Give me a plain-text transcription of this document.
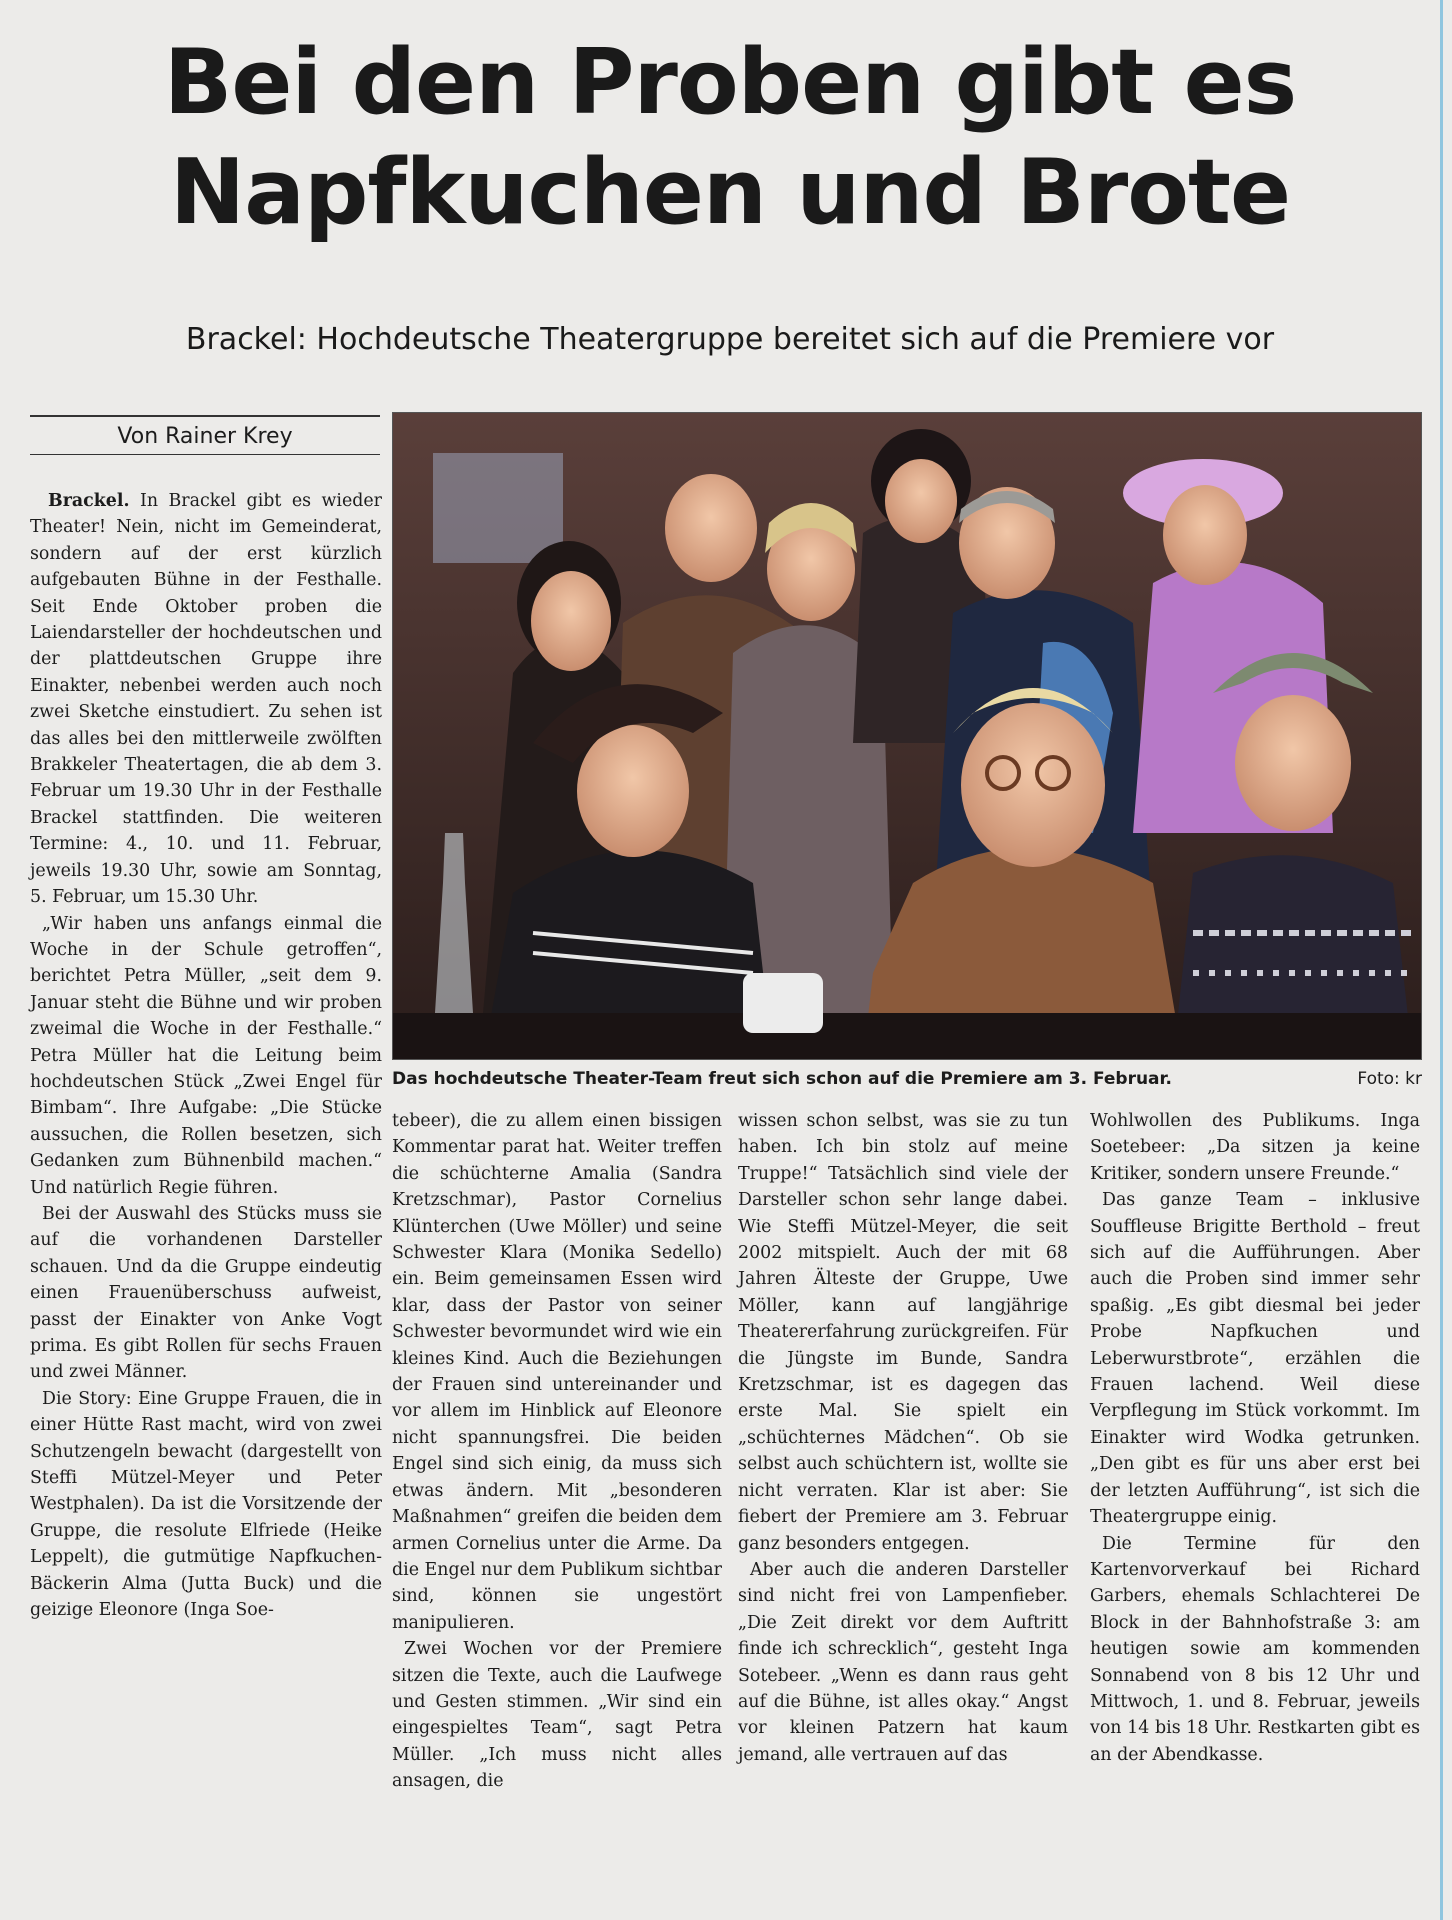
Bei den Proben gibt es
Napfkuchen und Brote
Brackel: Hochdeutsche Theatergruppe bereitet sich auf die Premiere vor
Von Rainer Krey
Das hochdeutsche Theater-Team freut sich schon auf die Premiere am 3. Februar.	Foto: kr

Brackel. In Brackel gibt es wieder Theater! Nein, nicht im Gemeinderat, sondern auf der erst kürzlich aufgebauten Bühne in der Festhalle. Seit Ende Oktober proben die Laiendarsteller der hochdeutschen und der plattdeutschen Gruppe ihre Einakter, nebenbei werden auch noch zwei Sketche einstudiert. Zu sehen ist das alles bei den mittlerweile zwölften Brakkeler Theatertagen, die ab dem 3. Februar um 19.30 Uhr in der Festhalle Brackel stattfinden. Die weiteren Termine: 4., 10. und 11. Februar, jeweils 19.30 Uhr, sowie am Sonntag, 5. Februar, um 15.30 Uhr.

„Wir haben uns anfangs einmal die Woche in der Schule getroffen“, berichtet Petra Müller, „seit dem 9. Januar steht die Bühne und wir proben zweimal die Woche in der Festhalle.“ Petra Müller hat die Leitung beim hochdeutschen Stück „Zwei Engel für Bimbam“. Ihre Aufgabe: „Die Stücke aussuchen, die Rollen besetzen, sich Gedanken zum Bühnenbild machen.“ Und natürlich Regie führen.

Bei der Auswahl des Stücks muss sie auf die vorhandenen Darsteller schauen. Und da die Gruppe eindeutig einen Frauenüberschuss aufweist, passt der Einakter von Anke Vogt prima. Es gibt Rollen für sechs Frauen und zwei Männer.

Die Story: Eine Gruppe Frauen, die in einer Hütte Rast macht, wird von zwei Schutzengeln bewacht (dargestellt von Steffi Mützel-Meyer und Peter Westphalen). Da ist die Vorsitzende der Gruppe, die resolute Elfriede (Heike Leppelt), die gutmütige Napfkuchen-Bäckerin Alma (Jutta Buck) und die geizige Eleonore (Inga Soe-

tebeer), die zu allem einen bissigen Kommentar parat hat. Weiter treffen die schüchterne Amalia (Sandra Kretzschmar), Pastor Cornelius Klünterchen (Uwe Möller) und seine Schwester Klara (Monika Sedello) ein. Beim gemeinsamen Essen wird klar, dass der Pastor von seiner Schwester bevormundet wird wie ein kleines Kind. Auch die Beziehungen der Frauen sind untereinander und vor allem im Hinblick auf Eleonore nicht spannungsfrei. Die beiden Engel sind sich einig, da muss sich etwas ändern. Mit „besonderen Maßnahmen“ greifen die beiden dem armen Cornelius unter die Arme. Da die Engel nur dem Publikum sichtbar sind, können sie ungestört manipulieren.

Zwei Wochen vor der Premiere sitzen die Texte, auch die Laufwege und Gesten stimmen. „Wir sind ein eingespieltes Team“, sagt Petra Müller. „Ich muss nicht alles ansagen, die

wissen schon selbst, was sie zu tun haben. Ich bin stolz auf meine Truppe!“ Tatsächlich sind viele der Darsteller schon sehr lange dabei. Wie Steffi Mützel-Meyer, die seit 2002 mitspielt. Auch der mit 68 Jahren Älteste der Gruppe, Uwe Möller, kann auf langjährige Theatererfahrung zurückgreifen. Für die Jüngste im Bunde, Sandra Kretzschmar, ist es dagegen das erste Mal. Sie spielt ein „schüchternes Mädchen“. Ob sie selbst auch schüchtern ist, wollte sie nicht verraten. Klar ist aber: Sie fiebert der Premiere am 3. Februar ganz besonders entgegen.

Aber auch die anderen Darsteller sind nicht frei von Lampenfieber. „Die Zeit direkt vor dem Auftritt finde ich schrecklich“, gesteht Inga Sotebeer. „Wenn es dann raus geht auf die Bühne, ist alles okay.“ Angst vor kleinen Patzern hat kaum jemand, alle vertrauen auf das

Wohlwollen des Publikums. Inga Soetebeer: „Da sitzen ja keine Kritiker, sondern unsere Freunde.“

Das ganze Team – inklusive Souffleuse Brigitte Berthold – freut sich auf die Aufführungen. Aber auch die Proben sind immer sehr spaßig. „Es gibt diesmal bei jeder Probe Napfkuchen und Leberwurstbrote“, erzählen die Frauen lachend. Weil diese Verpflegung im Stück vorkommt. Im Einakter wird Wodka getrunken. „Den gibt es für uns aber erst bei der letzten Aufführung“, ist sich die Theatergruppe einig.

Die Termine für den Kartenvorverkauf bei Richard Garbers, ehemals Schlachterei De Block in der Bahnhofstraße 3: am heutigen sowie am kommenden Sonnabend von 8 bis 12 Uhr und Mittwoch, 1. und 8. Februar, jeweils von 14 bis 18 Uhr. Restkarten gibt es an der Abendkasse.
